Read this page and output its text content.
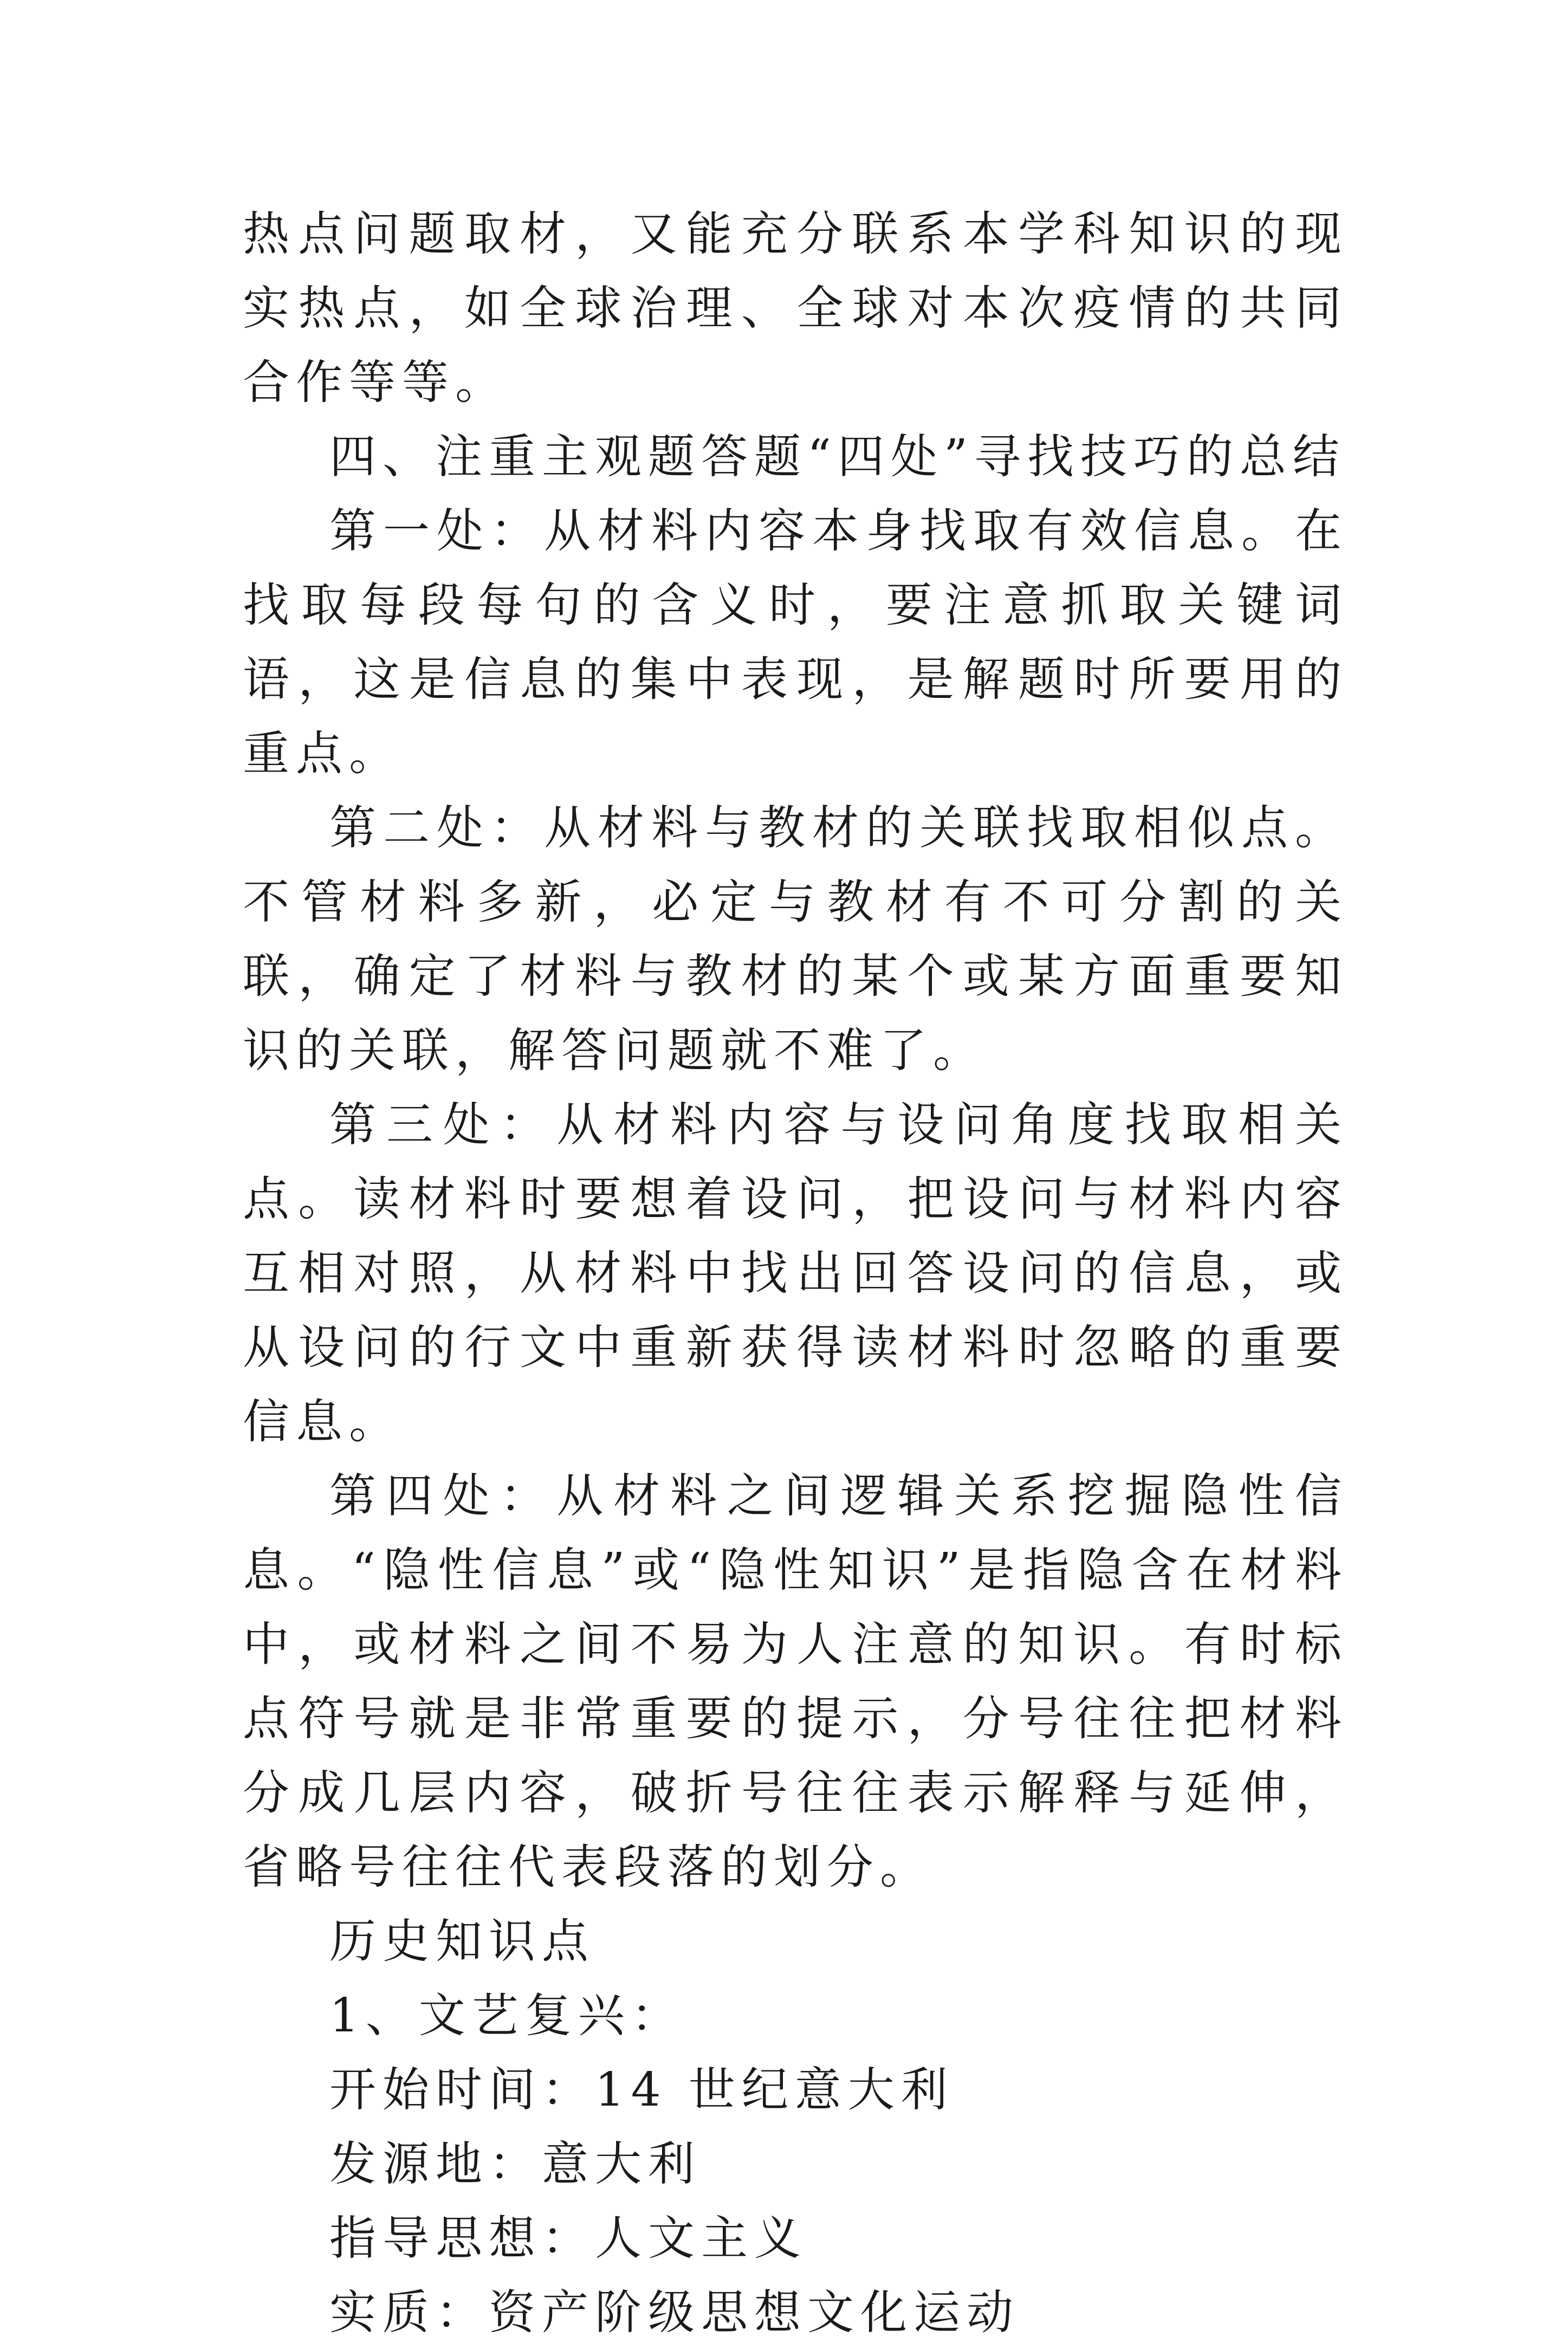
热点问题取材，又能充分联系本学科知识的现实热点，如全球治理、全球对本次疫情的共同合作等等。

四、注重主观题答题“四处”寻找技巧的总结

第一处：从材料内容本身找取有效信息。在找取每段每句的含义时，要注意抓取关键词语，这是信息的集中表现，是解题时所要用的重点。

第二处：从材料与教材的关联找取相似点。不管材料多新，必定与教材有不可分割的关联，确定了材料与教材的某个或某方面重要知识的关联，解答问题就不难了。

第三处：从材料内容与设问角度找取相关点。读材料时要想着设问，把设问与材料内容互相对照，从材料中找出回答设问的信息，或从设问的行文中重新获得读材料时忽略的重要信息。

第四处：从材料之间逻辑关系挖掘隐性信息。“隐性信息”或“隐性知识”是指隐含在材料中，或材料之间不易为人注意的知识。有时标点符号就是非常重要的提示，分号往往把材料分成几层内容，破折号往往表示解释与延伸，省略号往往代表段落的划分。

历史知识点

1、文艺复兴：

开始时间：14 世纪意大利

发源地：意大利

指导思想：人文主义

实质：资产阶级思想文化运动
